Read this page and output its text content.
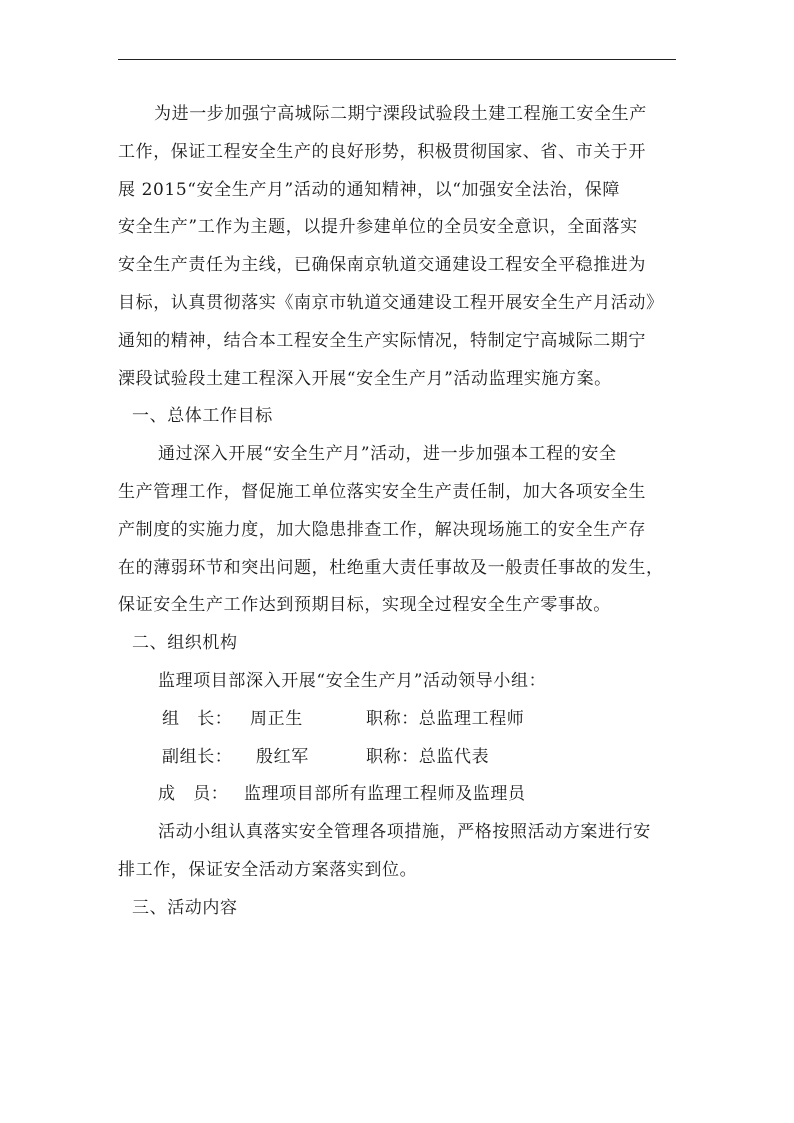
为进一步加强宁高城际二期宁溧段试验段土建工程施工安全生产
工作，保证工程安全生产的良好形势，积极贯彻国家、省、市关于开
展 2015“安全生产月”活动的通知精神，以“加强安全法治，保障
安全生产”工作为主题，以提升参建单位的全员安全意识，全面落实
安全生产责任为主线，已确保南京轨道交通建设工程安全平稳推进为
目标，认真贯彻落实《南京市轨道交通建设工程开展安全生产月活动》
通知的精神，结合本工程安全生产实际情况，特制定宁高城际二期宁
溧段试验段土建工程深入开展“安全生产月”活动监理实施方案。
一、总体工作目标
通过深入开展“安全生产月”活动，进一步加强本工程的安全
生产管理工作，督促施工单位落实安全生产责任制，加大各项安全生
产制度的实施力度，加大隐患排查工作，解决现场施工的安全生产存
在的薄弱环节和突出问题，杜绝重大责任事故及一般责任事故的发生，
保证安全生产工作达到预期目标，实现全过程安全生产零事故。
二、组织机构
监理项目部深入开展“安全生产月”活动领导小组：
组　长：	周正生	职称：总监理工程师
副组长：	殷红军	职称：总监代表
成　员： 监理项目部所有监理工程师及监理员
活动小组认真落实安全管理各项措施，严格按照活动方案进行安
排工作，保证安全活动方案落实到位。
三、活动内容
